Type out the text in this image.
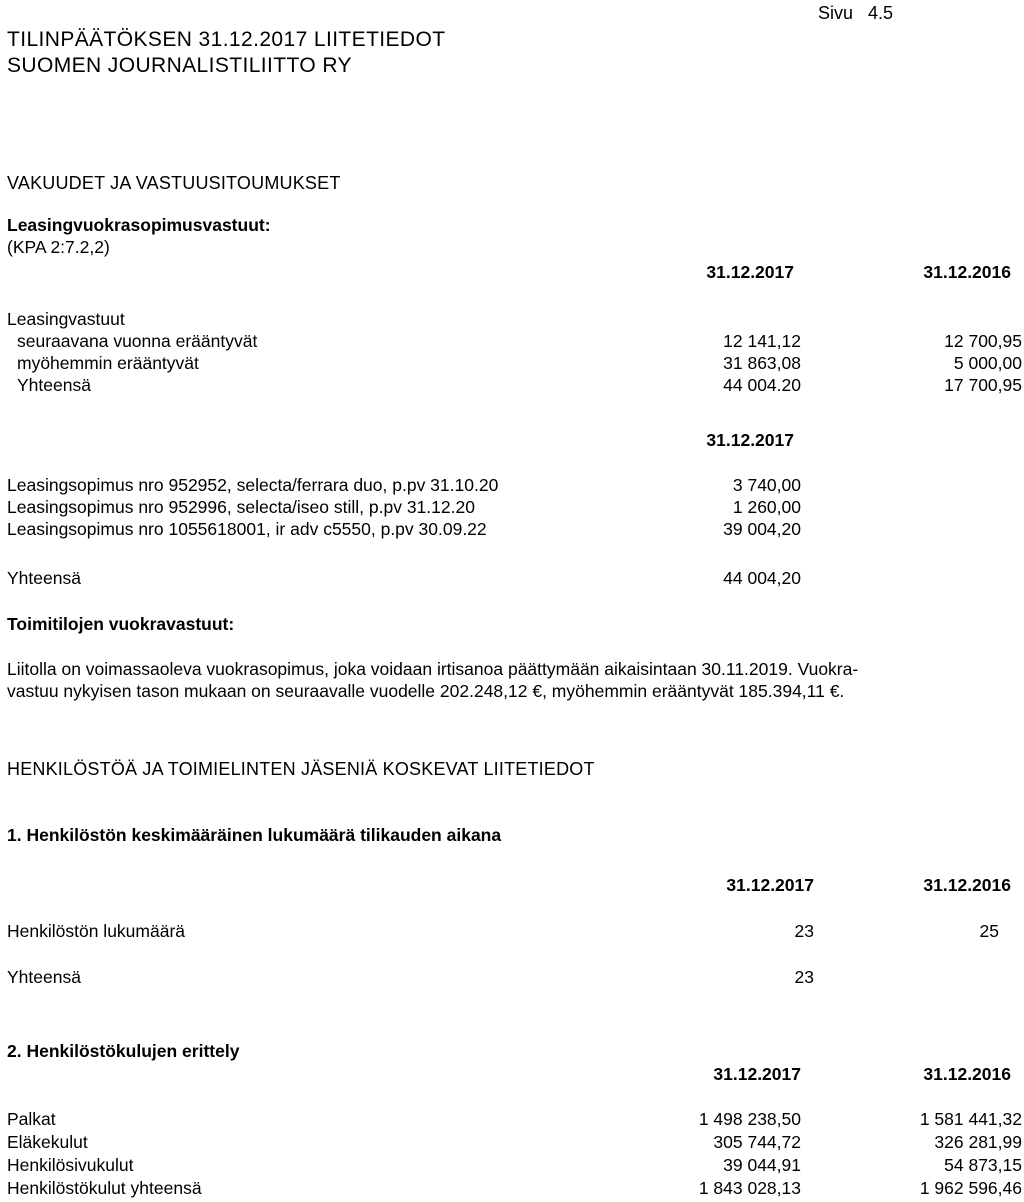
TILINPÄÄTÖKSEN 31.12.2017 LIITETIEDOT
SUOMEN JOURNALISTILIITTO RY
Sivu 4.5
VAKUUDET JA VASTUUSITOUMUKSET
Leasingvuokrasopimusvastuut:
(KPA 2:7.2,2)
31.12.2017	31.12.2016
Leasingvastuut
seuraavana vuonna erääntyvät	12 141,12	12 700,95
myöhemmin erääntyvät	31 863,08	5 000,00
Yhteensä	44 004.20	17 700,95
31.12.2017
Leasingsopimus nro 952952, selecta/ferrara duo, p.pv 31.10.20	3 740,00
Leasingsopimus nro 952996, selecta/iseo still, p.pv 31.12.20	1 260,00
Leasingsopimus nro 1055618001, ir adv c5550, p.pv 30.09.22	39 004,20
Yhteensä	44 004,20
Toimitilojen vuokravastuut:
Liitolla on voimassaoleva vuokrasopimus, joka voidaan irtisanoa päättymään aikaisintaan 30.11.2019. Vuokra-
vastuu nykyisen tason mukaan on seuraavalle vuodelle 202.248,12 €, myöhemmin erääntyvät 185.394,11 €.
HENKILÖSTÖÄ JA TOIMIELINTEN JÄSENIÄ KOSKEVAT LIITETIEDOT
1. Henkilöstön keskimääräinen lukumäärä tilikauden aikana
31.12.2017	31.12.2016
Henkilöstön lukumäärä	23	25
Yhteensä	23
2. Henkilöstökulujen erittely
31.12.2017	31.12.2016
Palkat	1 498 238,50	1 581 441,32
Eläkekulut	305 744,72	326 281,99
Henkilösivukulut	39 044,91	54 873,15
Henkilöstökulut yhteensä	1 843 028,13	1 962 596,46
